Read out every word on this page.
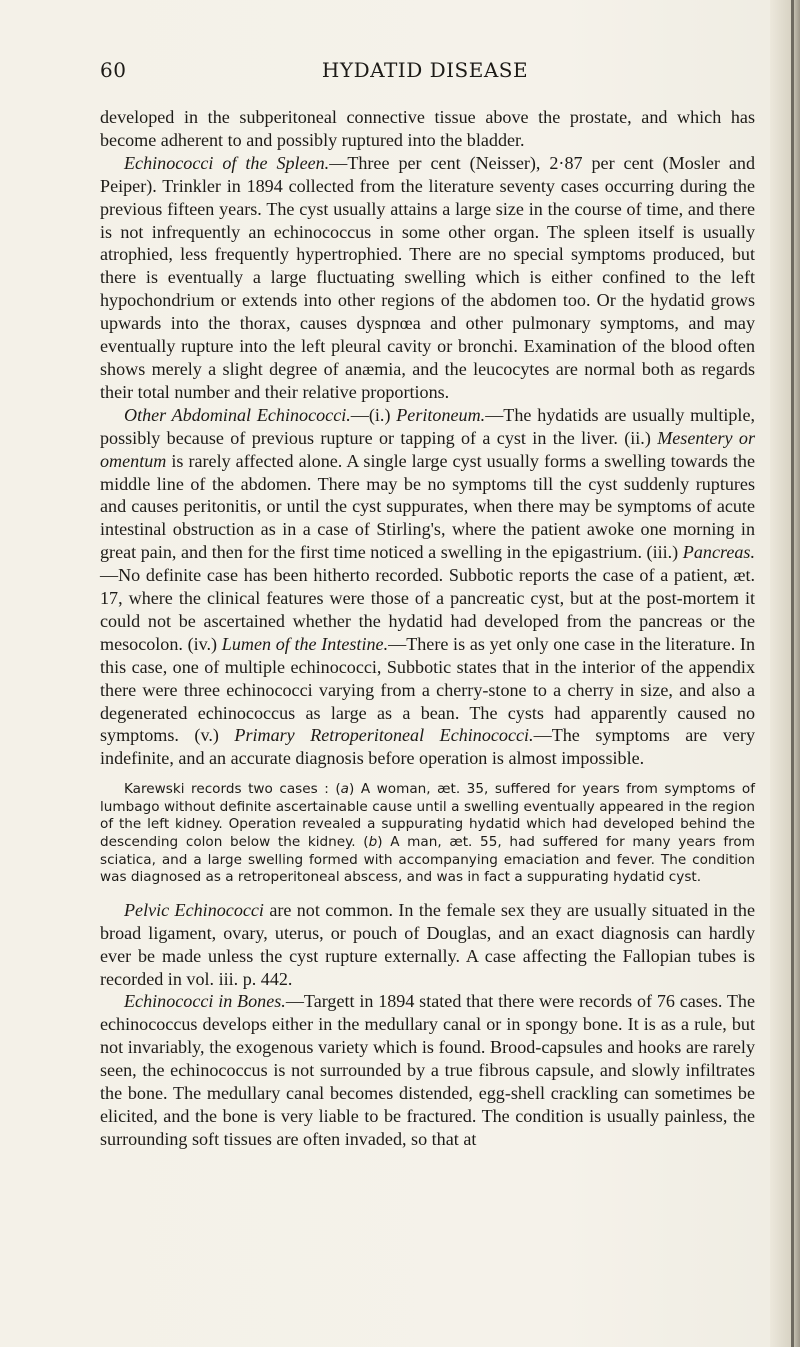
60	HYDATID DISEASE

developed in the subperitoneal connective tissue above the prostate, and which has become adherent to and possibly ruptured into the bladder.

Echinococci of the Spleen.—Three per cent (Neisser), 2·87 per cent (Mosler and Peiper). Trinkler in 1894 collected from the literature seventy cases occurring during the previous fifteen years. The cyst usually attains a large size in the course of time, and there is not infrequently an echinococcus in some other organ. The spleen itself is usually atrophied, less frequently hypertrophied. There are no special symptoms produced, but there is eventually a large fluctuating swelling which is either confined to the left hypochondrium or extends into other regions of the abdomen too. Or the hydatid grows upwards into the thorax, causes dyspnœa and other pulmonary symptoms, and may eventually rupture into the left pleural cavity or bronchi. Examination of the blood often shows merely a slight degree of anæmia, and the leucocytes are normal both as regards their total number and their relative proportions.

Other Abdominal Echinococci.—(i.) Peritoneum.—The hydatids are usually multiple, possibly because of previous rupture or tapping of a cyst in the liver. (ii.) Mesentery or omentum is rarely affected alone. A single large cyst usually forms a swelling towards the middle line of the abdomen. There may be no symptoms till the cyst suddenly ruptures and causes peritonitis, or until the cyst suppurates, when there may be symptoms of acute intestinal obstruction as in a case of Stirling's, where the patient awoke one morning in great pain, and then for the first time noticed a swelling in the epigastrium. (iii.) Pancreas.—No definite case has been hitherto recorded. Subbotic reports the case of a patient, æt. 17, where the clinical features were those of a pancreatic cyst, but at the post-mortem it could not be ascertained whether the hydatid had developed from the pancreas or the mesocolon. (iv.) Lumen of the Intestine.—There is as yet only one case in the literature. In this case, one of multiple echinococci, Subbotic states that in the interior of the appendix there were three echinococci varying from a cherry-stone to a cherry in size, and also a degenerated echinococcus as large as a bean. The cysts had apparently caused no symptoms. (v.) Primary Retroperitoneal Echinococci.—The symptoms are very indefinite, and an accurate diagnosis before operation is almost impossible.

Karewski records two cases : (a) A woman, æt. 35, suffered for years from symptoms of lumbago without definite ascertainable cause until a swelling eventually appeared in the region of the left kidney. Operation revealed a suppurating hydatid which had developed behind the descending colon below the kidney. (b) A man, æt. 55, had suffered for many years from sciatica, and a large swelling formed with accompanying emaciation and fever. The condition was diagnosed as a retroperitoneal abscess, and was in fact a suppurating hydatid cyst.

Pelvic Echinococci are not common. In the female sex they are usually situated in the broad ligament, ovary, uterus, or pouch of Douglas, and an exact diagnosis can hardly ever be made unless the cyst rupture externally. A case affecting the Fallopian tubes is recorded in vol. iii. p. 442.

Echinococci in Bones.—Targett in 1894 stated that there were records of 76 cases. The echinococcus develops either in the medullary canal or in spongy bone. It is as a rule, but not invariably, the exogenous variety which is found. Brood-capsules and hooks are rarely seen, the echinococcus is not surrounded by a true fibrous capsule, and slowly infiltrates the bone. The medullary canal becomes distended, egg-shell crackling can sometimes be elicited, and the bone is very liable to be fractured. The condition is usually painless, the surrounding soft tissues are often invaded, so that at
